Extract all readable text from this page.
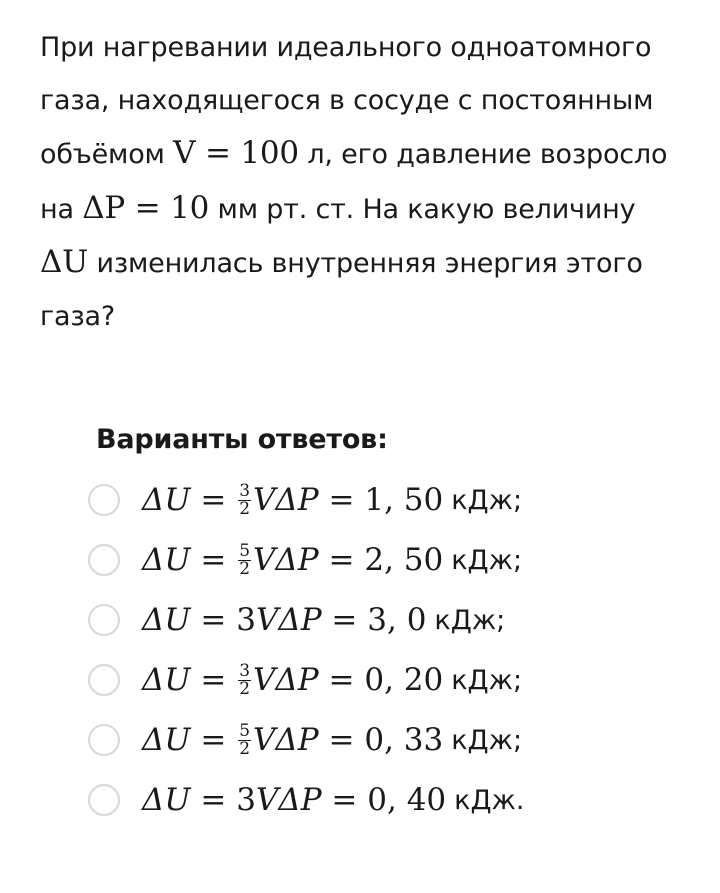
При нагревании идеального одноатомного газа, находящегося в сосуде с постоянным объёмом V = 100 л, его давление возросло на ΔP = 10 мм рт. ст. На какую величину ΔU изменилась внутренняя энергия этого газа?
Варианты ответов:
$\Delta U = \frac{3}{2}$ VΔP = 1, 50 кДж;
$\Delta U = \frac{5}{2}$ VΔP = 2, 50 кДж;
ΔU = 3 VΔP = 3, 0 кДж;
$\Delta U = \frac{3}{2}$ VΔP = 0, 20 кДж;
$\Delta U = \frac{5}{2}$ VΔP = 0, 33 кДж;
ΔU = 3 VΔP = 0, 40 кДж.
